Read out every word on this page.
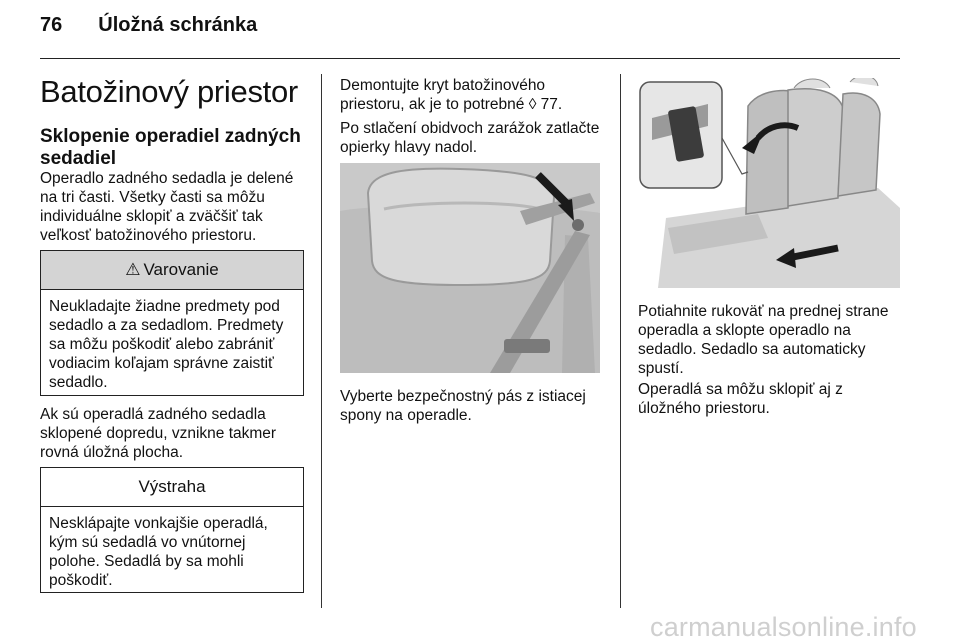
76 Úložná schránka
Batožinový priestor
Sklopenie operadiel zadných sedadiel
Operadlo zadného sedadla je delené na tri časti. Všetky časti sa môžu individuálne sklopiť a zväčšiť tak veľkosť batožinového priestoru.
⚠ Varovanie
Neukladajte žiadne predmety pod sedadlo a za sedadlom. Predmety sa môžu poškodiť alebo zabrániť vodiacim koľajam správne zaistiť sedadlo.
Ak sú operadlá zadného sedadla sklopené dopredu, vznikne takmer rovná úložná plocha.
Výstraha
Nesklápajte vonkajšie operadlá, kým sú sedadlá vo vnútornej polohe. Sedadlá by sa mohli poškodiť.
Demontujte kryt batožinového priestoru, ak je to potrebné ◊ 77.
Po stlačení obidvoch zarážok zatlačte opierky hlavy nadol.
Vyberte bezpečnostný pás z istiacej spony na operadle.
Potiahnite rukoväť na prednej strane operadla a sklopte operadlo na sedadlo. Sedadlo sa automaticky spustí.
Operadlá sa môžu sklopiť aj z úložného priestoru.
carmanualsonline.info
